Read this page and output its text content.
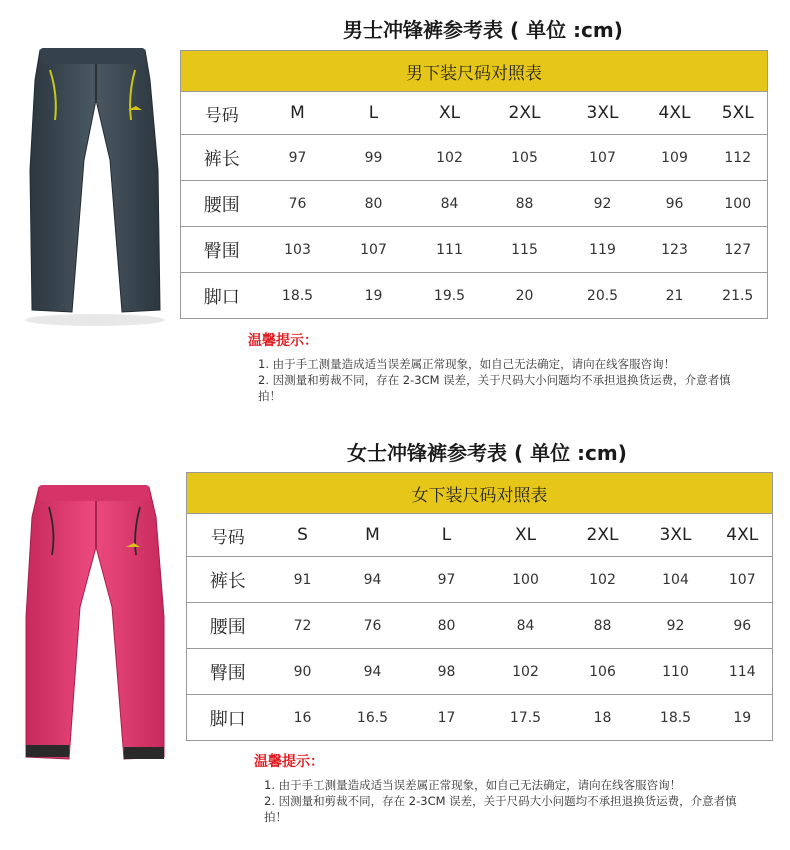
男士冲锋裤参考表 ( 单位 :cm)
男下装尺码对照表							
号码	M	L	XL	2XL	3XL	4XL	5XL
裤长	97	99	102	105	107	109	112
腰围	76	80	84	88	92	96	100
臀围	103	107	111	115	119	123	127
脚口	18.5	19	19.5	20	20.5	21	21.5
温馨提示：
1. 由于手工测量造成适当误差属正常现象，如自己无法确定，请向在线客服咨询！
2. 因测量和剪裁不同，存在 2-3CM 误差，关于尺码大小问题均不承担退换货运费，介意者慎拍！
女士冲锋裤参考表 ( 单位 :cm)
女下装尺码对照表							
号码	S	M	L	XL	2XL	3XL	4XL
裤长	91	94	97	100	102	104	107
腰围	72	76	80	84	88	92	96
臀围	90	94	98	102	106	110	114
脚口	16	16.5	17	17.5	18	18.5	19
温馨提示：
1. 由于手工测量造成适当误差属正常现象，如自己无法确定，请向在线客服咨询！
2. 因测量和剪裁不同，存在 2-3CM 误差，关于尺码大小问题均不承担退换货运费，介意者慎拍！
